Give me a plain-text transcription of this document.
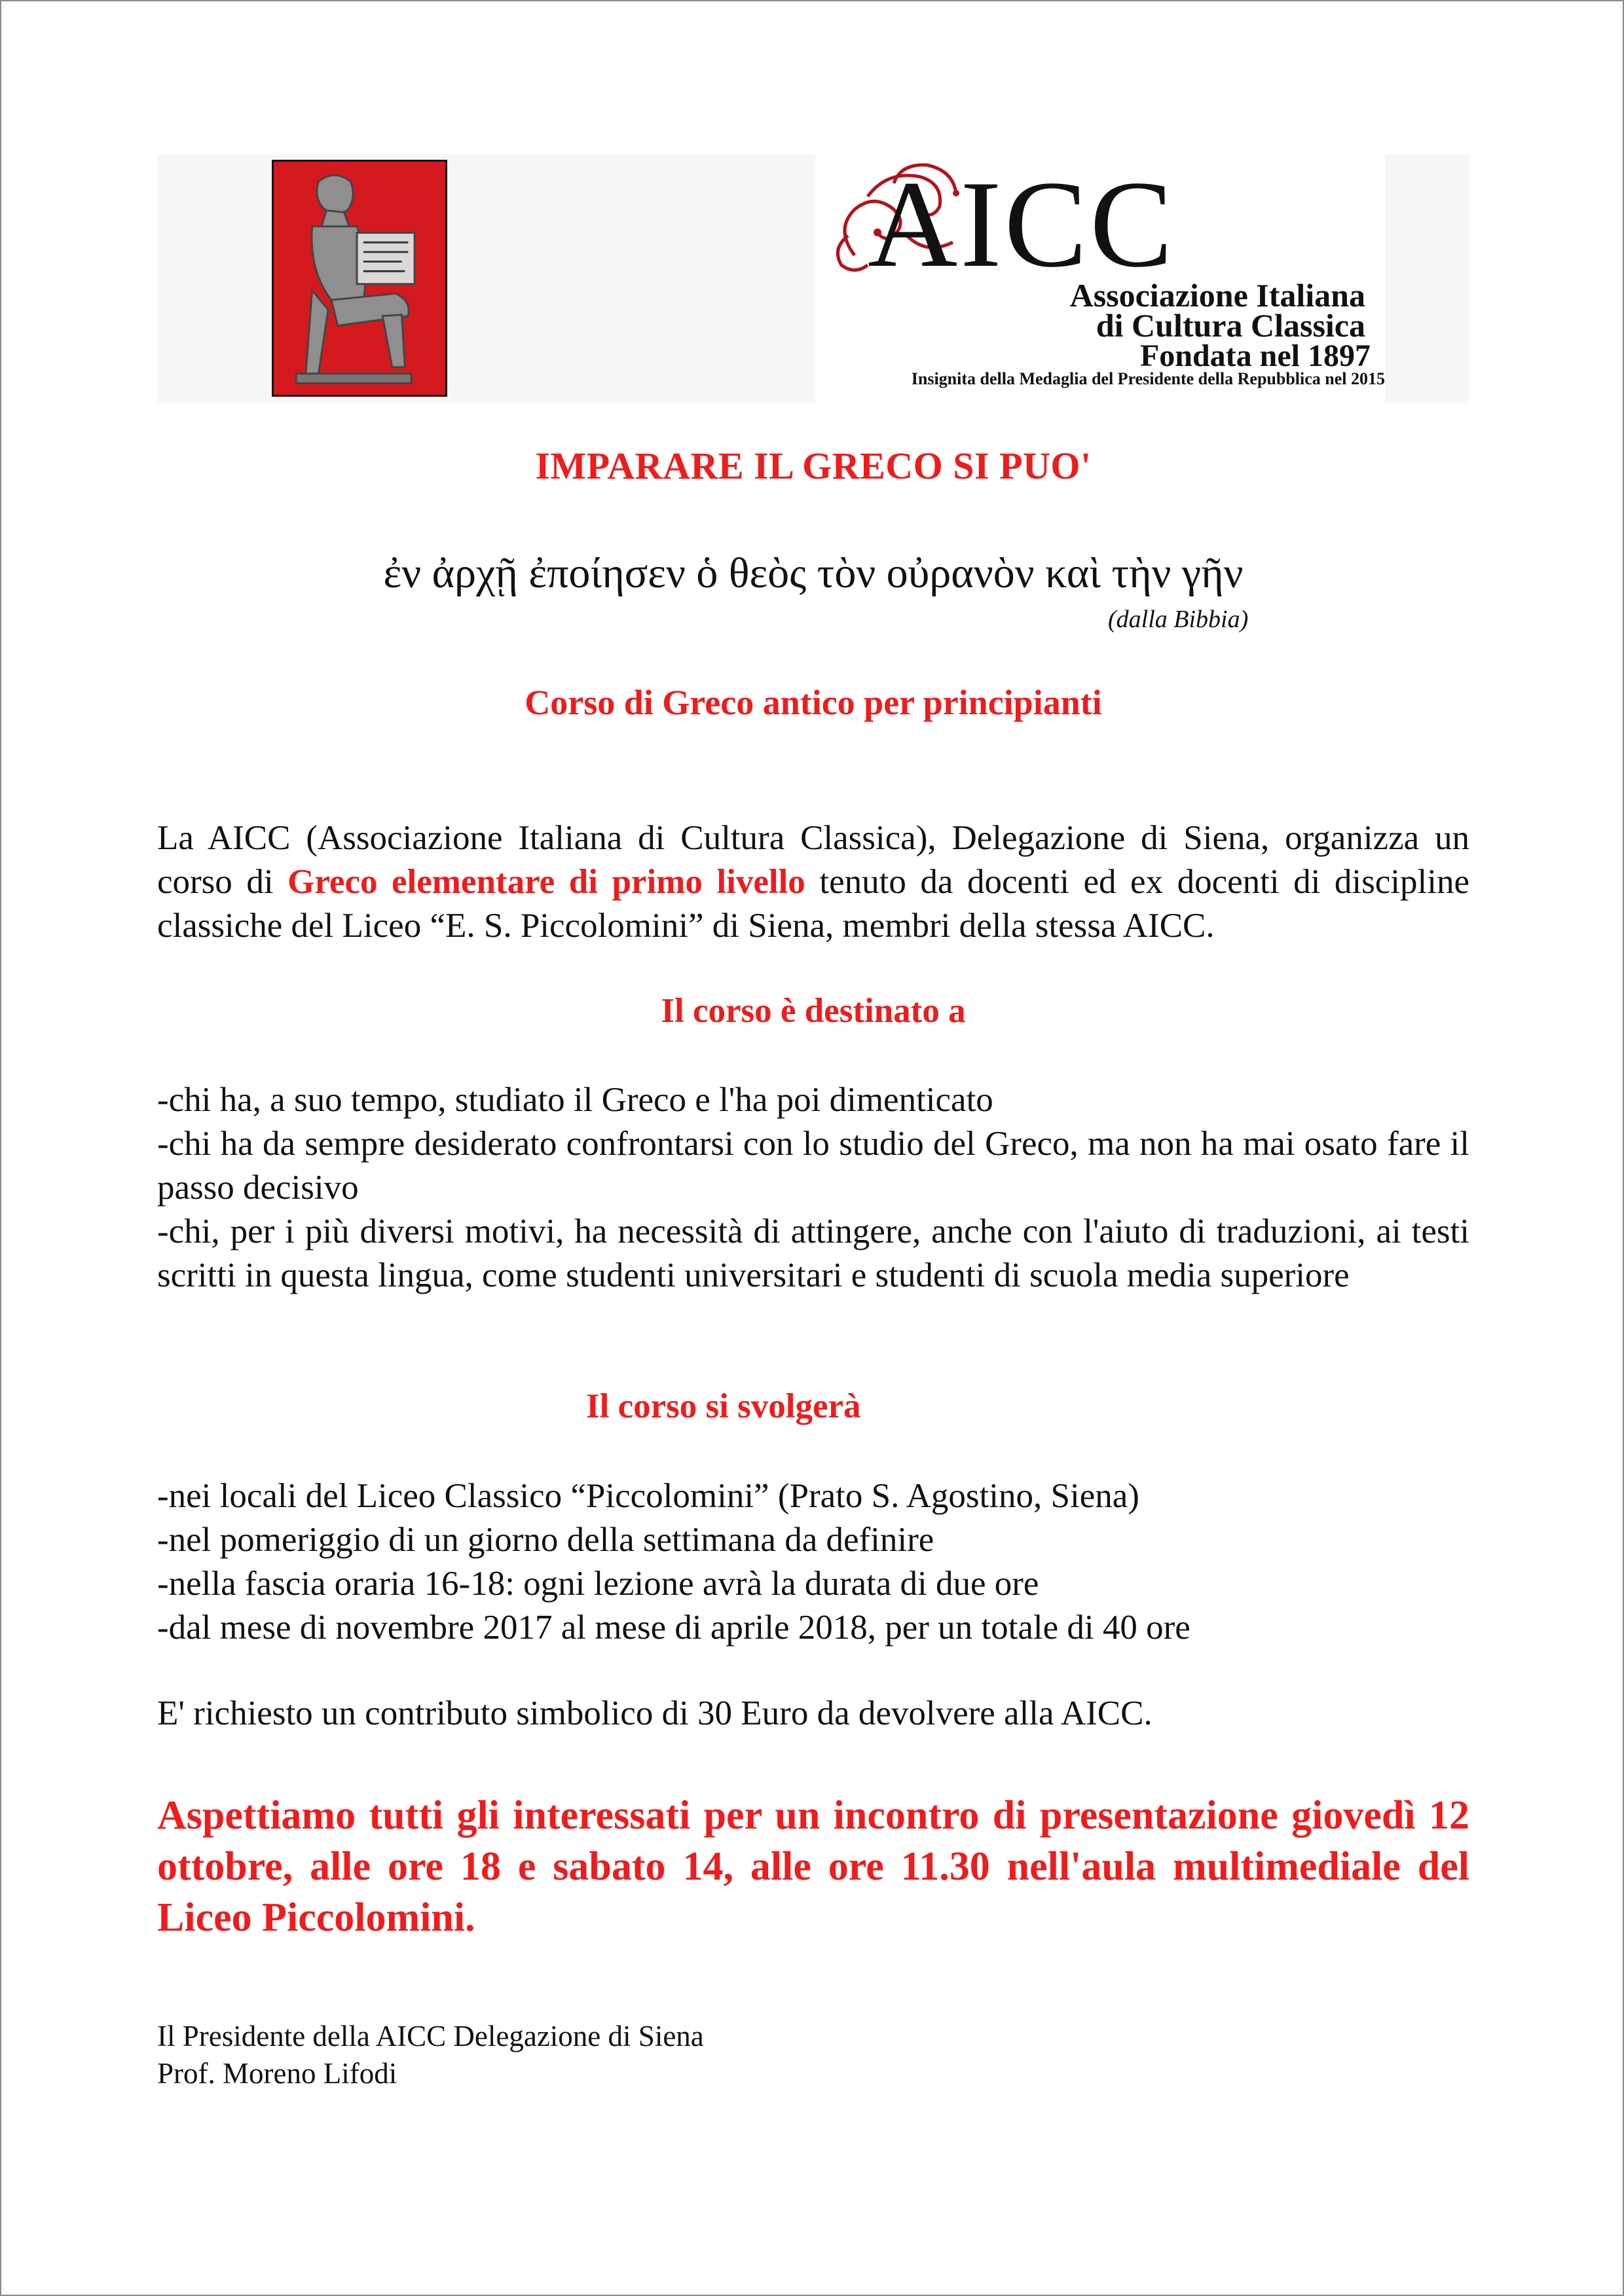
AICC
Associazione Italiana
di Cultura Classica
Fondata nel 1897
Insignita della Medaglia del Presidente della Repubblica nel 2015
IMPARARE IL GRECO SI PUO'
ἐν ἀρχῇ ἐποίησεν ὁ θεὸς τὸν οὐρανὸν καὶ τὴν γῆν
(dalla Bibbia)
Corso di Greco antico per principianti
La AICC (Associazione Italiana di Cultura Classica), Delegazione di Siena, organizza un corso di Greco elementare di primo livello tenuto da docenti ed ex docenti di discipline classiche del Liceo “E. S. Piccolomini” di Siena, membri della stessa AICC.
Il corso è destinato a
-chi ha, a suo tempo, studiato il Greco e l'ha poi dimenticato
-chi ha da sempre desiderato confrontarsi con lo studio del Greco, ma non ha mai osato fare il passo decisivo
-chi, per i più diversi motivi, ha necessità di attingere, anche con l'aiuto di traduzioni, ai testi scritti in questa lingua, come studenti universitari e studenti di scuola media superiore
Il corso si svolgerà
-nei locali del Liceo Classico “Piccolomini” (Prato S. Agostino, Siena)
-nel pomeriggio di un giorno della settimana da definire
-nella fascia oraria 16-18: ogni lezione avrà la durata di due ore
-dal mese di novembre 2017 al mese di aprile 2018, per un totale di 40 ore
E' richiesto un contributo simbolico di 30 Euro da devolvere alla AICC.
Aspettiamo tutti gli interessati per un incontro di presentazione giovedì 12 ottobre, alle ore 18 e sabato 14, alle ore 11.30 nell'aula multimediale del Liceo Piccolomini.
Il Presidente della AICC Delegazione di Siena
Prof. Moreno Lifodi
